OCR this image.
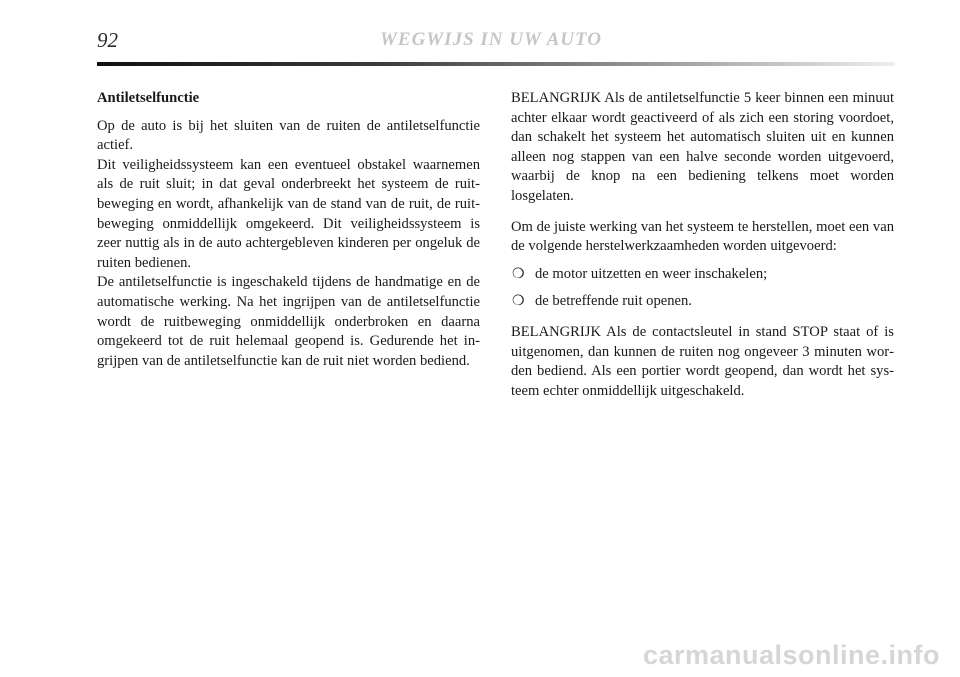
92	WEGWIJS IN UW AUTO

Antiletselfunctie

Op de auto is bij het sluiten van de ruiten de antiletselfunctie actief.

Dit veiligheidssysteem kan een eventueel obstakel waarnemen als de ruit sluit; in dat geval onderbreekt het systeem de ruitbeweging en wordt, afhankelijk van de stand van de ruit, de ruitbeweging onmiddellijk omgekeerd. Dit veiligheidssysteem is zeer nuttig als in de auto achtergebleven kinderen per ongeluk de ruiten bedienen.

De antiletselfunctie is ingeschakeld tijdens de handmatige en de automatische werking. Na het ingrijpen van de antiletselfunctie wordt de ruitbeweging onmiddellijk onderbroken en daarna omgekeerd tot de ruit helemaal geopend is. Gedurende het ingrijpen van de antiletselfunctie kan de ruit niet worden bediend.

BELANGRIJK Als de antiletselfunctie 5 keer binnen een minuut achter elkaar wordt geactiveerd of als zich een storing voordoet, dan schakelt het systeem het automatisch sluiten uit en kunnen alleen nog stappen van een halve seconde worden uitgevoerd, waarbij de knop na een bediening telkens moet worden losgelaten.

Om de juiste werking van het systeem te herstellen, moet een van de volgende herstelwerkzaamheden worden uitgevoerd:

❍ de motor uitzetten en weer inschakelen;
❍ de betreffende ruit openen.

BELANGRIJK Als de contactsleutel in stand STOP staat of is uitgenomen, dan kunnen de ruiten nog ongeveer 3 minuten worden bediend. Als een portier wordt geopend, dan wordt het systeem echter onmiddellijk uitgeschakeld.

carmanualsonline.info
